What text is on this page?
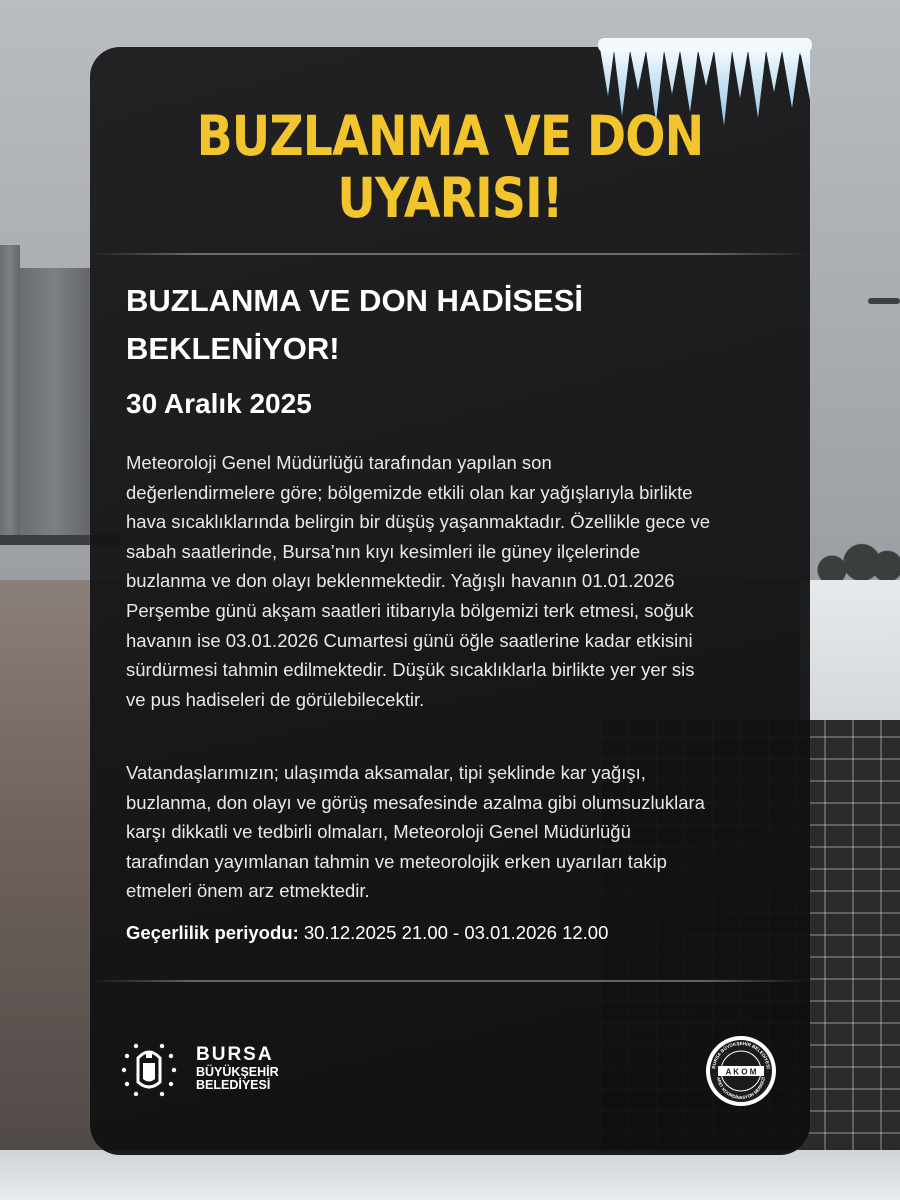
BUZLANMA VE DON
UYARISI!
BUZLANMA VE DON HADİSESİ
BEKLENİYOR!
30 Aralık 2025

Meteoroloji Genel Müdürlüğü tarafından yapılan son
değerlendirmelere göre; bölgemizde etkili olan kar yağışlarıyla birlikte
hava sıcaklıklarında belirgin bir düşüş yaşanmaktadır. Özellikle gece ve
sabah saatlerinde, Bursa’nın kıyı kesimleri ile güney ilçelerinde
buzlanma ve don olayı beklenmektedir. Yağışlı havanın 01.01.2026
Perşembe günü akşam saatleri itibarıyla bölgemizi terk etmesi, soğuk
havanın ise 03.01.2026 Cumartesi günü öğle saatlerine kadar etkisini
sürdürmesi tahmin edilmektedir. Düşük sıcaklıklarla birlikte yer yer sis
ve pus hadiseleri de görülebilecektir.

Vatandaşlarımızın; ulaşımda aksamalar, tipi şeklinde kar yağışı,
buzlanma, don olayı ve görüş mesafesinde azalma gibi olumsuzluklara
karşı dikkatli ve tedbirli olmaları, Meteoroloji Genel Müdürlüğü
tarafından yayımlanan tahmin ve meteorolojik erken uyarıları takip
etmeleri önem arz etmektedir.

Geçerlilik periyodu: 30.12.2025 21.00 - 03.01.2026 12.00
BURSA
BÜYÜKŞEHİR
BELEDİYESİ
A K O M
BURSA BÜYÜKŞEHİR BELEDİYESİ
AFET KOORDİNASYON MERKEZİ
